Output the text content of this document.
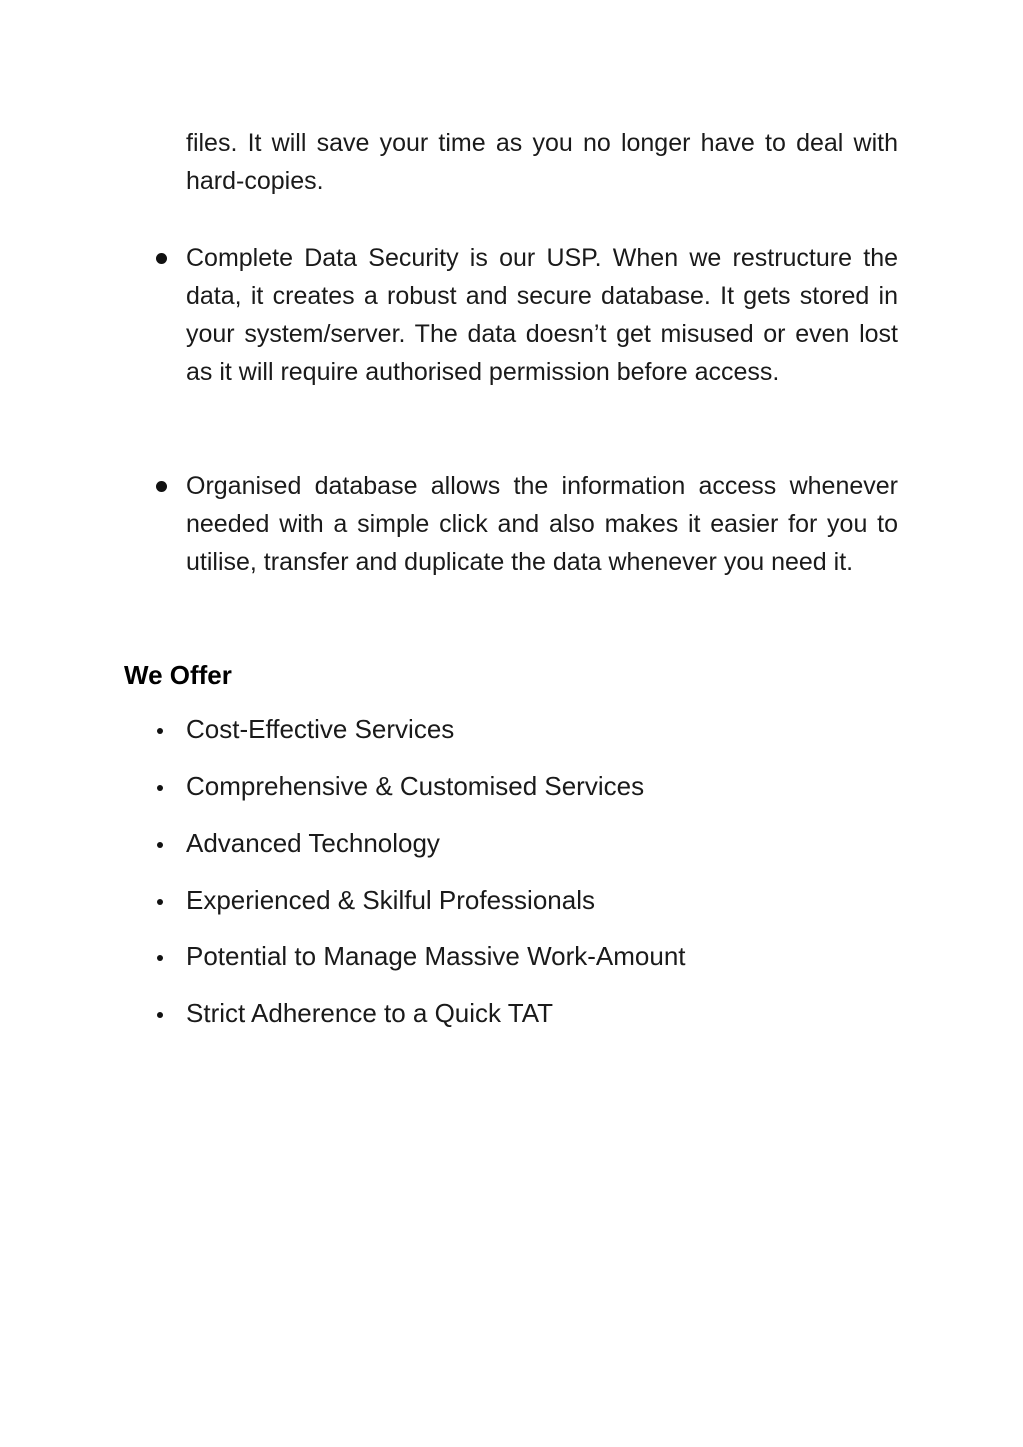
files. It will save your time as you no longer have to deal with hard-copies.

Complete Data Security is our USP. When we restructure the data, it creates a robust and secure database. It gets stored in your system/server. The data doesn’t get misused or even lost as it will require authorised permission before access.

Organised database allows the information access whenever needed with a simple click and also makes it easier for you to utilise, transfer and duplicate the data whenever you need it.

We Offer
Cost-Effective Services
Comprehensive & Customised Services
Advanced Technology
Experienced & Skilful Professionals
Potential to Manage Massive Work-Amount
Strict Adherence to a Quick TAT
